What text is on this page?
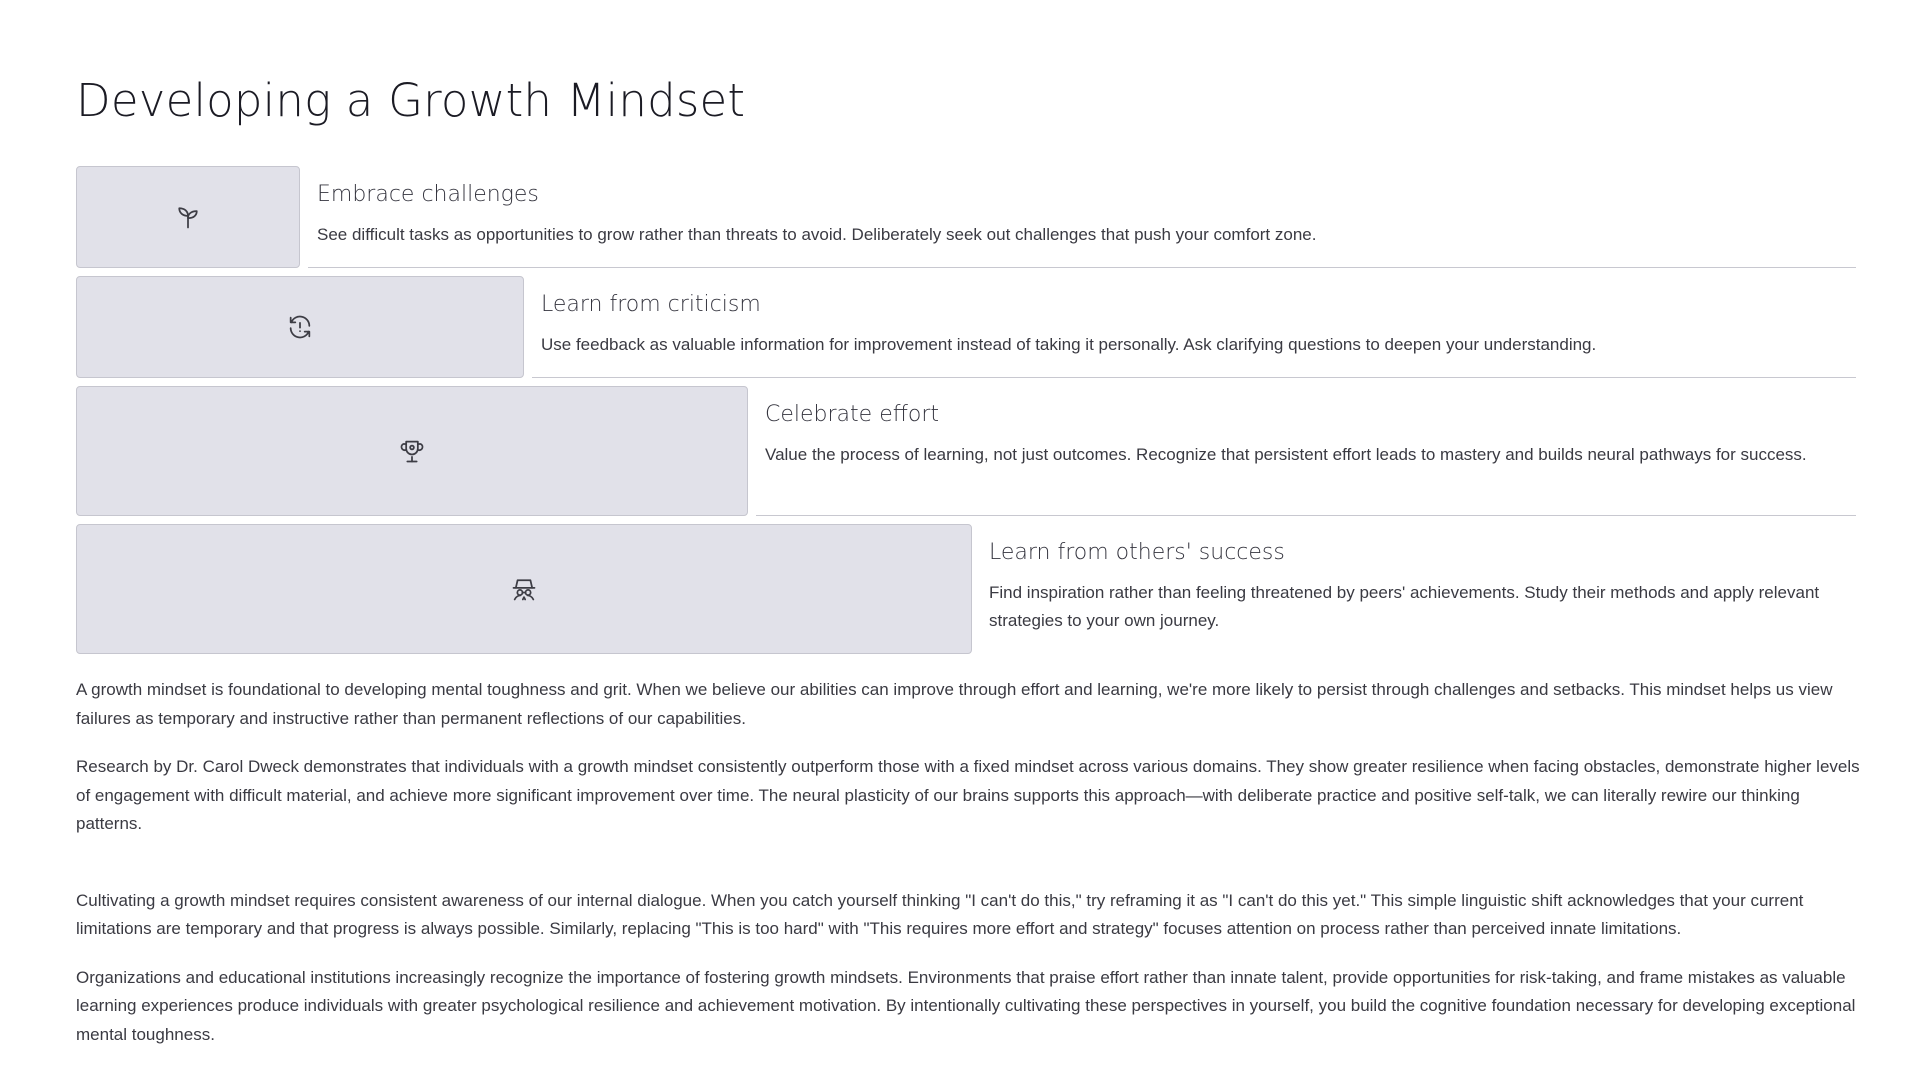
Developing a Growth Mindset
Embrace challenges

See difficult tasks as opportunities to grow rather than threats to avoid. Deliberately seek out challenges that push your comfort zone.

Learn from criticism

Use feedback as valuable information for improvement instead of taking it personally. Ask clarifying questions to deepen your understanding.

Celebrate effort

Value the process of learning, not just outcomes. Recognize that persistent effort leads to mastery and builds neural pathways for success.

Learn from others' success

Find inspiration rather than feeling threatened by peers' achievements. Study their methods and apply relevant strategies to your own journey.

A growth mindset is foundational to developing mental toughness and grit. When we believe our abilities can improve through effort and learning, we're more likely to persist through challenges and setbacks. This mindset helps us view failures as temporary and instructive rather than permanent reflections of our capabilities.

Research by Dr. Carol Dweck demonstrates that individuals with a growth mindset consistently outperform those with a fixed mindset across various domains. They show greater resilience when facing obstacles, demonstrate higher levels of engagement with difficult material, and achieve more significant improvement over time. The neural plasticity of our brains supports this approach—with deliberate practice and positive self-talk, we can literally rewire our thinking patterns.

Cultivating a growth mindset requires consistent awareness of our internal dialogue. When you catch yourself thinking "I can't do this," try reframing it as "I can't do this yet." This simple linguistic shift acknowledges that your current limitations are temporary and that progress is always possible. Similarly, replacing "This is too hard" with "This requires more effort and strategy" focuses attention on process rather than perceived innate limitations.

Organizations and educational institutions increasingly recognize the importance of fostering growth mindsets. Environments that praise effort rather than innate talent, provide opportunities for risk-taking, and frame mistakes as valuable learning experiences produce individuals with greater psychological resilience and achievement motivation. By intentionally cultivating these perspectives in yourself, you build the cognitive foundation necessary for developing exceptional mental toughness.
